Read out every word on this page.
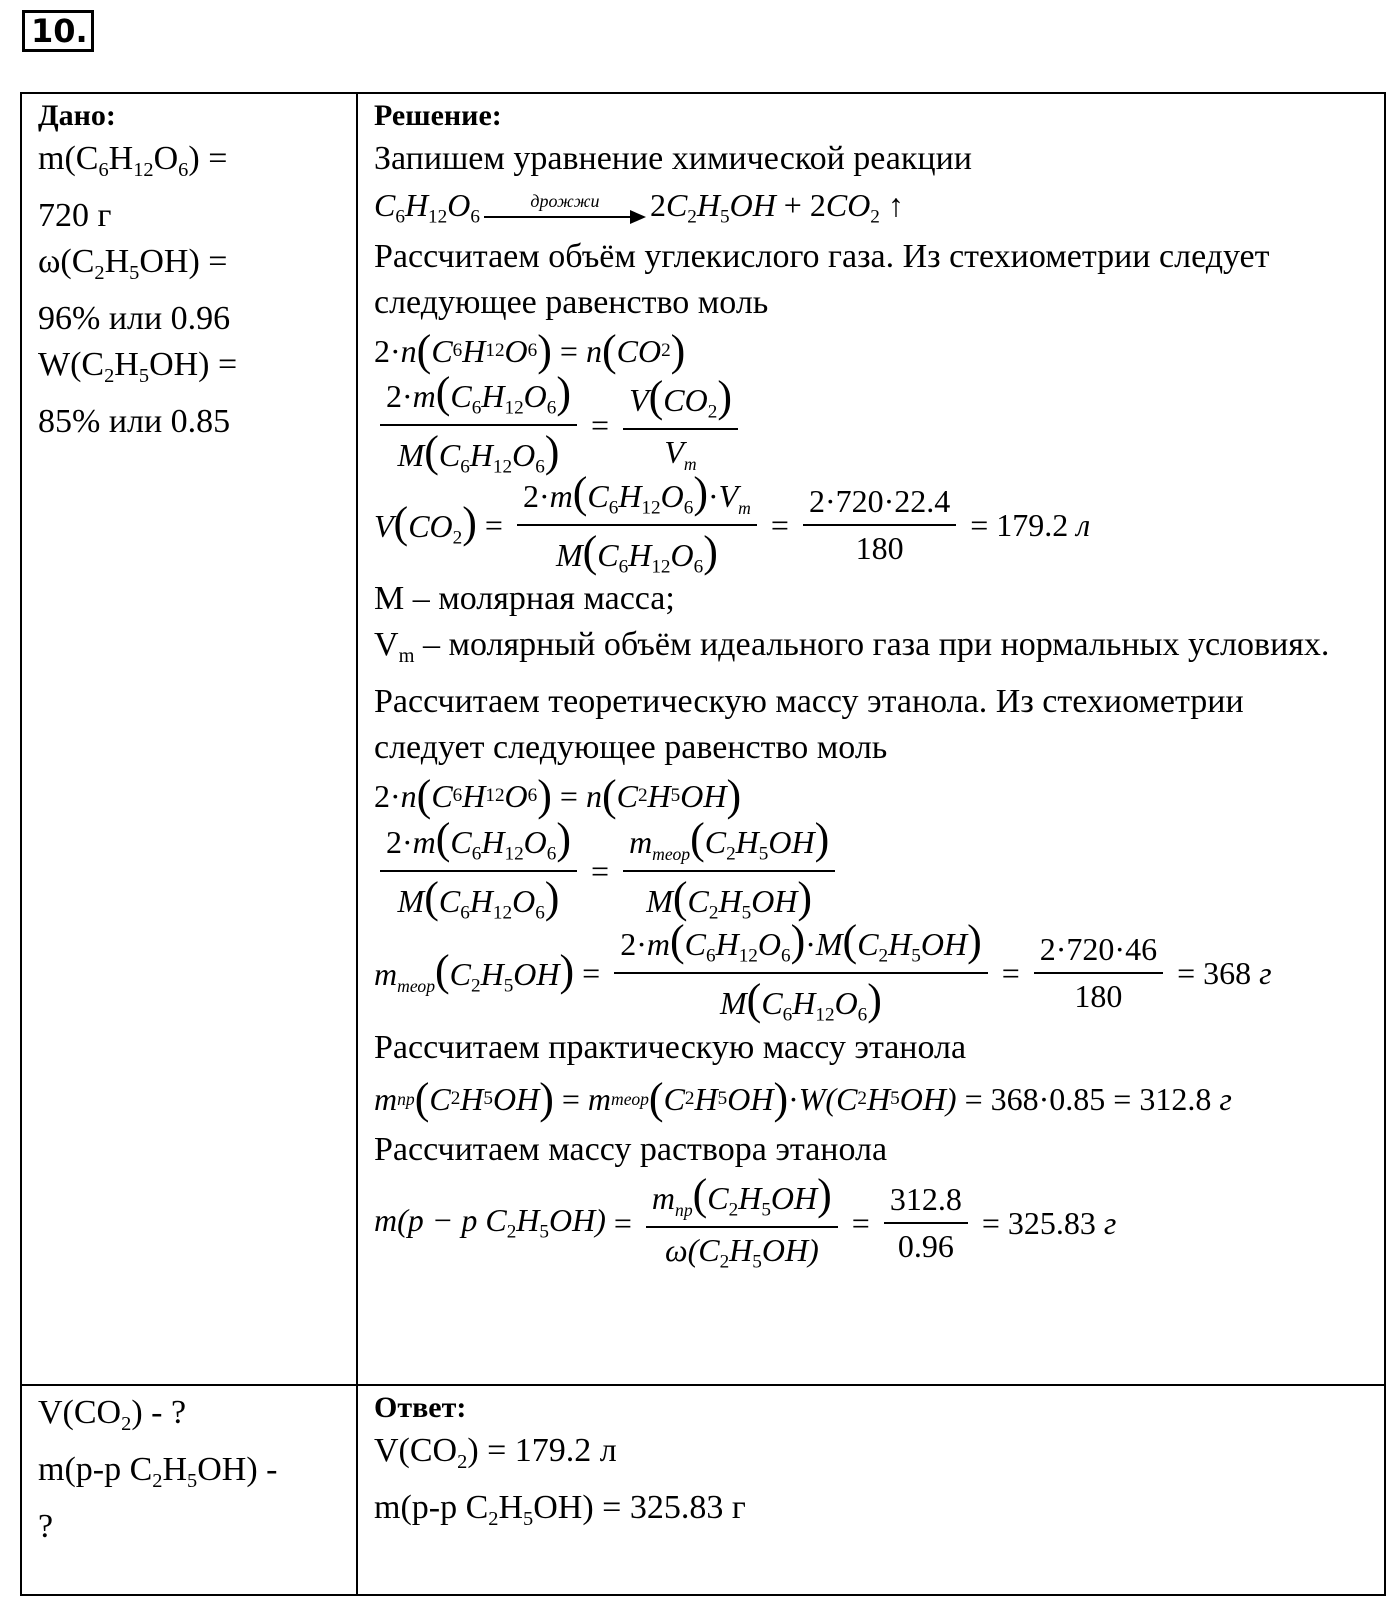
10.
Дано:
$m(C_6H_{12}O_6)$ =
720 г
$\omega(C_2H_5OH)$ =
96% или 0.96
$W(C_2H_5OH)$ =
85% или 0.85
Решение:
Запишем уравнение химической реакции
$C_6H_{12}O_6$
дрожжи $2C_2H_5OH + 2CO_2$ ↑
Рассчитаем объём углекислого газа. Из стехиометрии следует следующее равенство моль
2· n ( C 6 H 12 O 6 ) = n ( CO 2 )
$\frac{2\cdot m(C_6H_{12}O_6)}{M(C_6H_{12}O_6)} = \frac{V(CO_2)}{V_m}$
$V(CO_2) = \frac{2\cdot m(C_6H_{12}O_6)\cdot V_m}{M(C_6H_{12}O_6)} = \frac{2\cdot 720\cdot 22.4}{180} = 179.2$
л
М – молярная масса;
$V_m$ – молярный объём идеального газа при нормальных условиях.
Рассчитаем теоретическую массу этанола. Из стехиометрии следует следующее равенство моль
2· n ( C 6 H 12 O 6 ) = n ( C 2 H 5 OH )
$\frac{2\cdot m(C_6H_{12}O_6)}{M(C_6H_{12}O_6)} = \frac{m_{теор}(C_2H_5OH)}{M(C_2H_5OH)}$
$m_{теор}(C_2H_5OH) = \frac{2\cdot m(C_6H_{12}O_6)\cdot M(C_2H_5OH)}{M(C_6H_{12}O_6)} = \frac{2\cdot 720\cdot 46}{180} = 368$
г
Рассчитаем практическую массу этанола
m пр ( C 2 H 5 OH ) = m теор ( C 2 H 5 OH ) · W(C 2 H 5 OH) = 368 · 0.85 = 312.8
г
Рассчитаем массу раствора этанола
m(p − p $C_2H_5OH) = \frac{m_{пр}(C_2H_5OH)}{\omega(C_2H_5OH)} = \frac{312.8}{0.96} = 325.83$
г
$V(CO_2)$ - ?
m(р-р $C_2H_5OH$) -
?
Ответ:
$V(CO_2) = 179.2$ л
m(р-р $C_2H_5OH) = 325.83$ г
